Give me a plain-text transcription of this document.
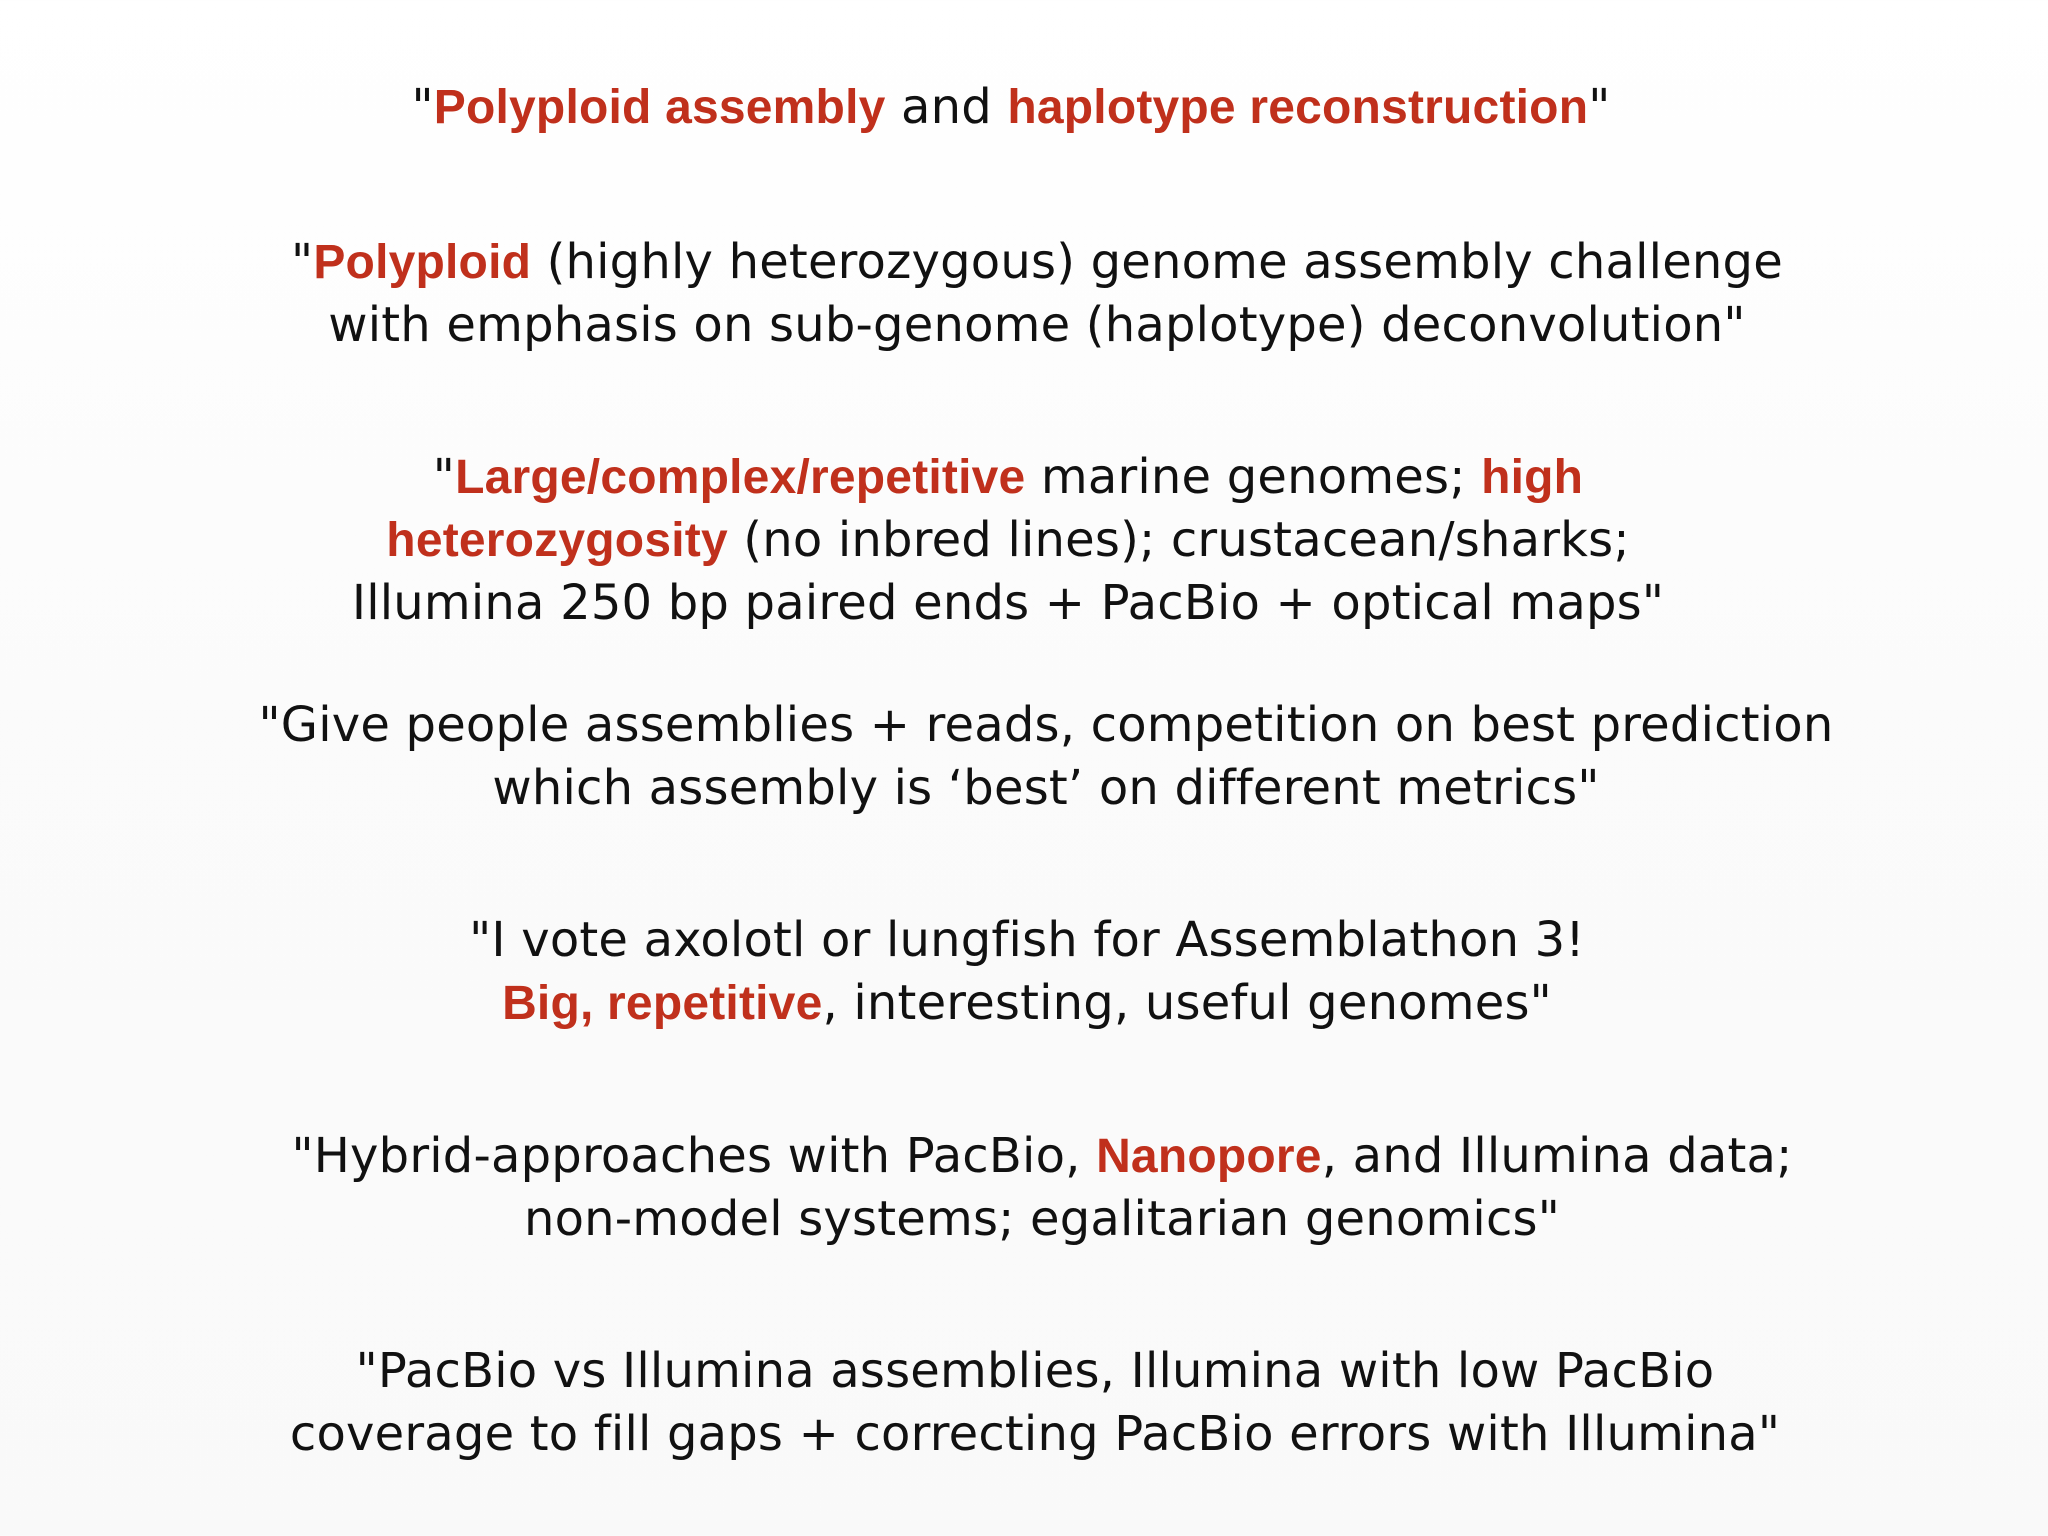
"Polyploid assembly and haplotype reconstruction"
"Polyploid (highly heterozygous) genome assembly challenge
with emphasis on sub-genome (haplotype) deconvolution"
"Large/complex/repetitive marine genomes; high
heterozygosity (no inbred lines); crustacean/sharks;
Illumina 250 bp paired ends + PacBio + optical maps"
"Give people assemblies + reads, competition on best prediction
which assembly is ‘best’ on different metrics"
"I vote axolotl or lungfish for Assemblathon 3!
Big, repetitive, interesting, useful genomes"
"Hybrid-approaches with PacBio, Nanopore, and Illumina data;
non-model systems; egalitarian genomics"
"PacBio vs Illumina assemblies, Illumina with low PacBio
coverage to fill gaps + correcting PacBio errors with Illumina"
